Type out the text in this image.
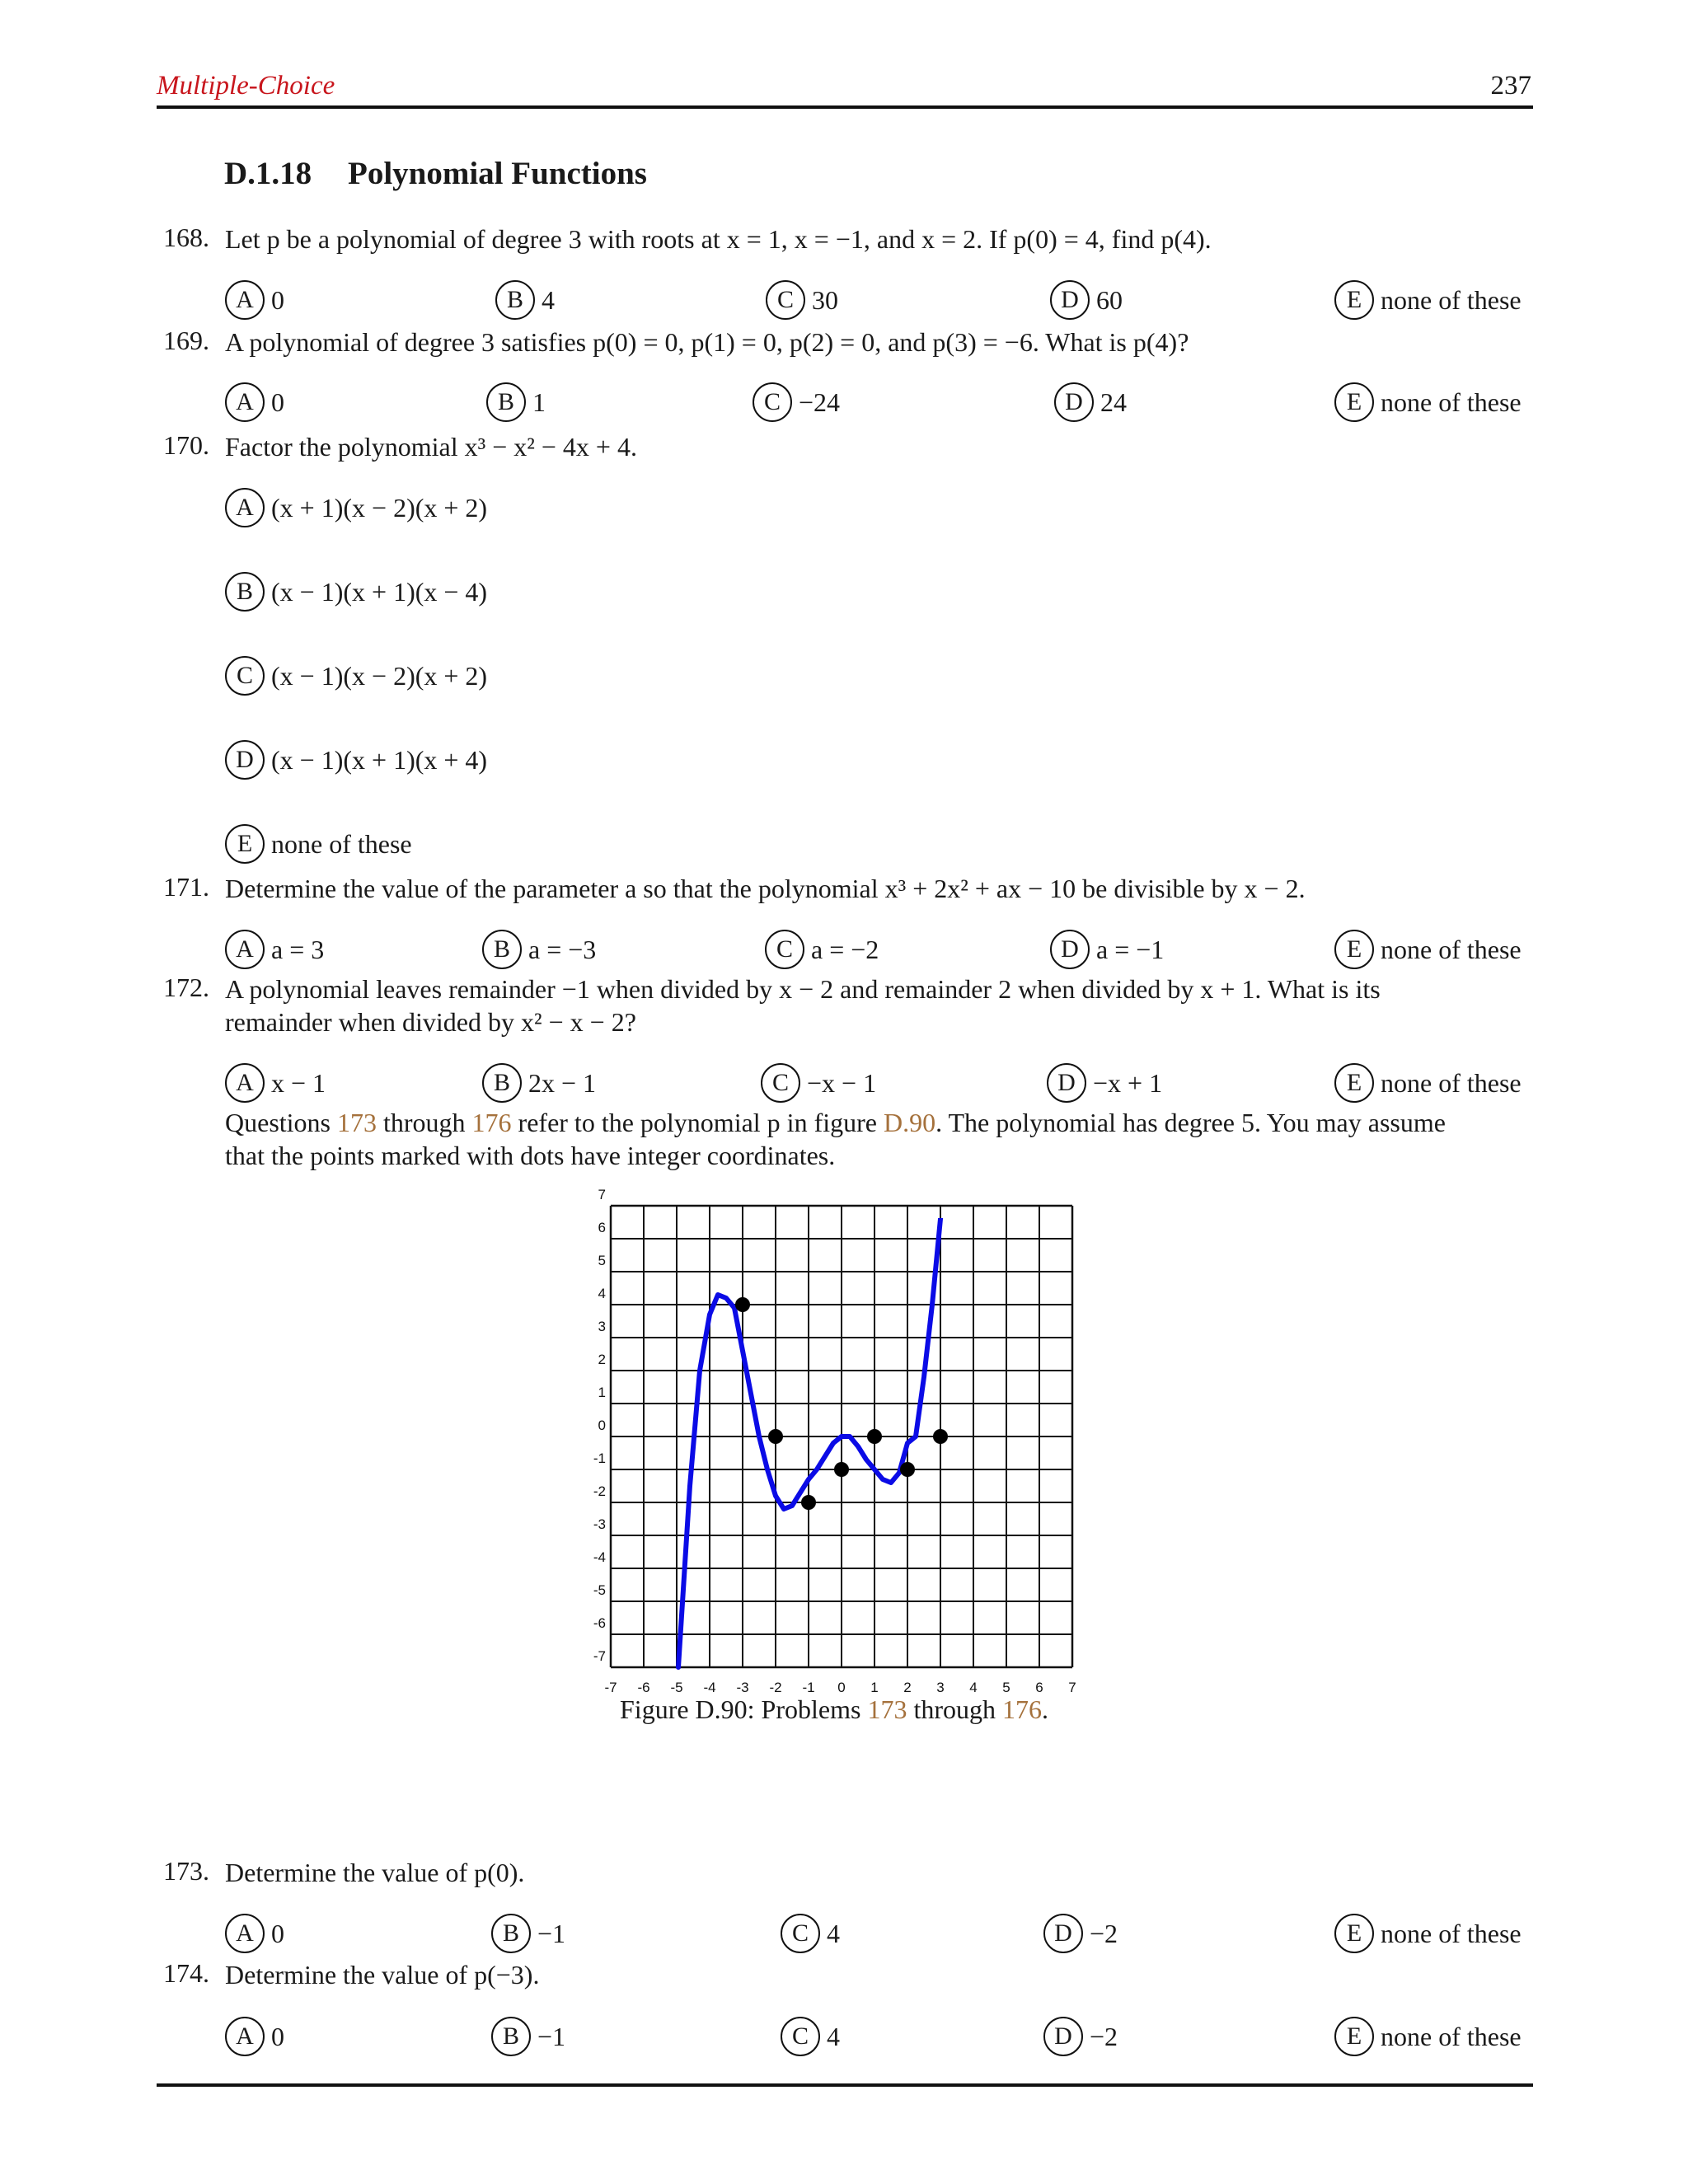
Multiple-Choice	237
D.1.18 Polynomial Functions
168. Let p be a polynomial of degree 3 with roots at x = 1, x = −1, and x = 2. If p(0) = 4, find p(4).
A 0	B 4	C 30	D 60	E none of these
169. A polynomial of degree 3 satisfies p(0) = 0, p(1) = 0, p(2) = 0, and p(3) = −6. What is p(4)?
A 0	B 1	C −24	D 24	E none of these
170. Factor the polynomial x³ − x² − 4x + 4.
A (x + 1)(x − 2)(x + 2)
B (x − 1)(x + 1)(x − 4)
C (x − 1)(x − 2)(x + 2)
D (x − 1)(x + 1)(x + 4)
E none of these
171. Determine the value of the parameter a so that the polynomial x³ + 2x² + ax − 10 be divisible by x − 2.
A a = 3	B a = −3	C a = −2	D a = −1	E none of these
172. A polynomial leaves remainder −1 when divided by x − 2 and remainder 2 when divided by x + 1. What is its
remainder when divided by x² − x − 2?
A x − 1	B 2x − 1	C −x − 1	D −x + 1	E none of these
173. Determine the value of p(0).
A 0	B −1	C 4	D −2	E none of these
174. Determine the value of p(−3).
A 0	B −1	C 4	D −2	E none of these
Questions 173 through 176 refer to the polynomial p in figure D.90. The polynomial has degree 5. You may assume
that the points marked with dots have integer coordinates.
-7 -6 -5 -4 -3 -2 -1 0 1 2 3 4 5 6 7
-7
-6
-5
-4
-3
-2
-1
0
1
2
3
4
5
6
7
Figure D.90: Problems 173 through 176.
